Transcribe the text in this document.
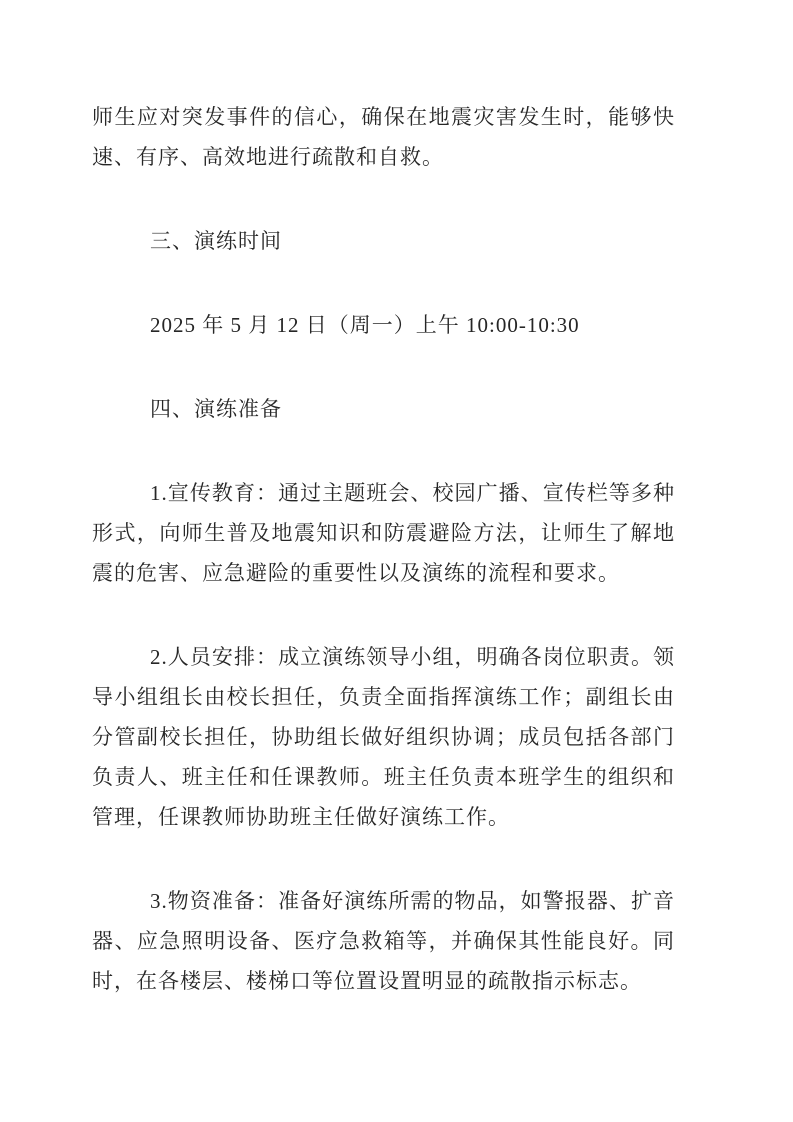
师生应对突发事件的信心，确保在地震灾害发生时，能够快速、有序、高效地进行疏散和自救。

三、演练时间

2025 年 5 月 12 日（周一）上午 10:00-10:30

四、演练准备

1.宣传教育：通过主题班会、校园广播、宣传栏等多种形式，向师生普及地震知识和防震避险方法，让师生了解地震的危害、应急避险的重要性以及演练的流程和要求。

2.人员安排：成立演练领导小组，明确各岗位职责。领导小组组长由校长担任，负责全面指挥演练工作；副组长由分管副校长担任，协助组长做好组织协调；成员包括各部门负责人、班主任和任课教师。班主任负责本班学生的组织和管理，任课教师协助班主任做好演练工作。

3.物资准备：准备好演练所需的物品，如警报器、扩音器、应急照明设备、医疗急救箱等，并确保其性能良好。同时，在各楼层、楼梯口等位置设置明显的疏散指示标志。
